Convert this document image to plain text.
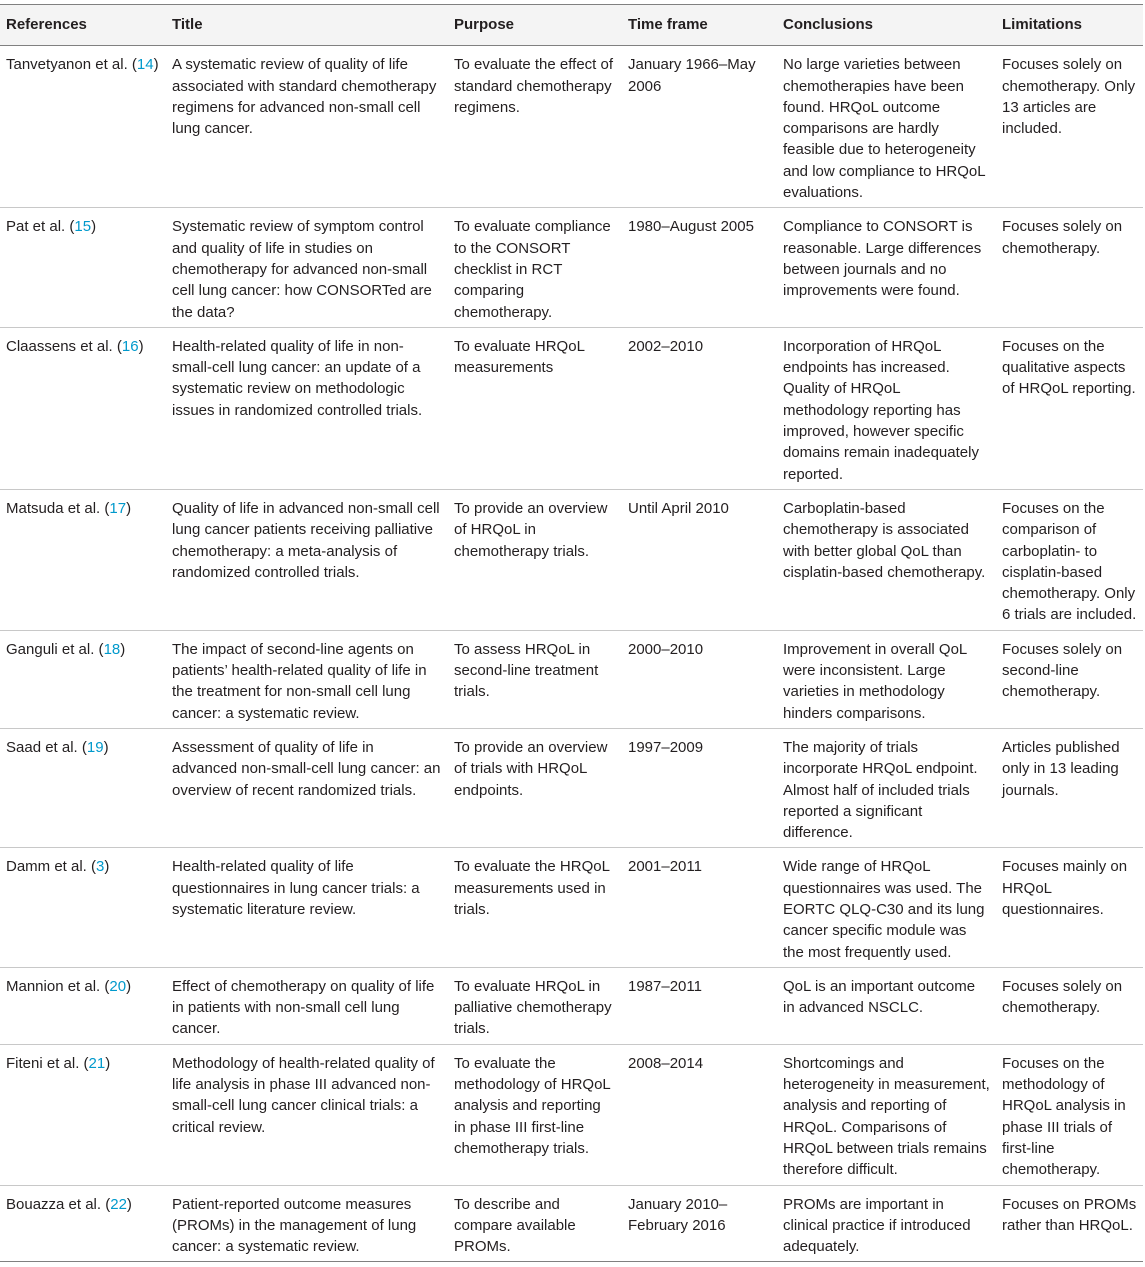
References	Title	Purpose	Time frame	Conclusions	Limitations
Tanvetyanon et al. (14)	A systematic review of quality of life associated with standard chemotherapy regimens for advanced non-small cell lung cancer.	To evaluate the effect of standard chemotherapy regimens.	January 1966–May 2006	No large varieties between chemotherapies have been found. HRQoL outcome comparisons are hardly feasible due to heterogeneity and low compliance to HRQoL evaluations.	Focuses solely on chemotherapy. Only 13 articles are included.
Pat et al. (15)	Systematic review of symptom control and quality of life in studies on chemotherapy for advanced non-small cell lung cancer: how CONSORTed are the data?	To evaluate compliance to the CONSORT checklist in RCT comparing chemotherapy.	1980–August 2005	Compliance to CONSORT is reasonable. Large differences between journals and no improvements were found.	Focuses solely on chemotherapy.
Claassens et al. (16)	Health-related quality of life in non-small-cell lung cancer: an update of a systematic review on methodologic issues in randomized controlled trials.	To evaluate HRQoL measurements	2002–2010	Incorporation of HRQoL endpoints has increased. Quality of HRQoL methodology reporting has improved, however specific domains remain inadequately reported.	Focuses on the qualitative aspects of HRQoL reporting.
Matsuda et al. (17)	Quality of life in advanced non-small cell lung cancer patients receiving palliative chemotherapy: a meta-analysis of randomized controlled trials.	To provide an overview of HRQoL in chemotherapy trials.	Until April 2010	Carboplatin-based chemotherapy is associated with better global QoL than cisplatin-based chemotherapy.	Focuses on the comparison of carboplatin- to cisplatin-based chemotherapy. Only 6 trials are included.
Ganguli et al. (18)	The impact of second-line agents on patients’ health-related quality of life in the treatment for non-small cell lung cancer: a systematic review.	To assess HRQoL in second-line treatment trials.	2000–2010	Improvement in overall QoL were inconsistent. Large varieties in methodology hinders comparisons.	Focuses solely on second-line chemotherapy.
Saad et al. (19)	Assessment of quality of life in advanced non-small-cell lung cancer: an overview of recent randomized trials.	To provide an overview of trials with HRQoL endpoints.	1997–2009	The majority of trials incorporate HRQoL endpoint. Almost half of included trials reported a significant difference.	Articles published only in 13 leading journals.
Damm et al. (3)	Health-related quality of life questionnaires in lung cancer trials: a systematic literature review.	To evaluate the HRQoL measurements used in trials.	2001–2011	Wide range of HRQoL questionnaires was used. The EORTC QLQ-C30 and its lung cancer specific module was the most frequently used.	Focuses mainly on HRQoL questionnaires.
Mannion et al. (20)	Effect of chemotherapy on quality of life in patients with non-small cell lung cancer.	To evaluate HRQoL in palliative chemotherapy trials.	1987–2011	QoL is an important outcome in advanced NSCLC.	Focuses solely on chemotherapy.
Fiteni et al. (21)	Methodology of health-related quality of life analysis in phase III advanced non-small-cell lung cancer clinical trials: a critical review.	To evaluate the methodology of HRQoL analysis and reporting in phase III first-line chemotherapy trials.	2008–2014	Shortcomings and heterogeneity in measurement, analysis and reporting of HRQoL. Comparisons of HRQoL between trials remains therefore difficult.	Focuses on the methodology of HRQoL analysis in phase III trials of first-line chemotherapy.
Bouazza et al. (22)	Patient-reported outcome measures (PROMs) in the management of lung cancer: a systematic review.	To describe and compare available PROMs.	January 2010–February 2016	PROMs are important in clinical practice if introduced adequately.	Focuses on PROMs rather than HRQoL.
